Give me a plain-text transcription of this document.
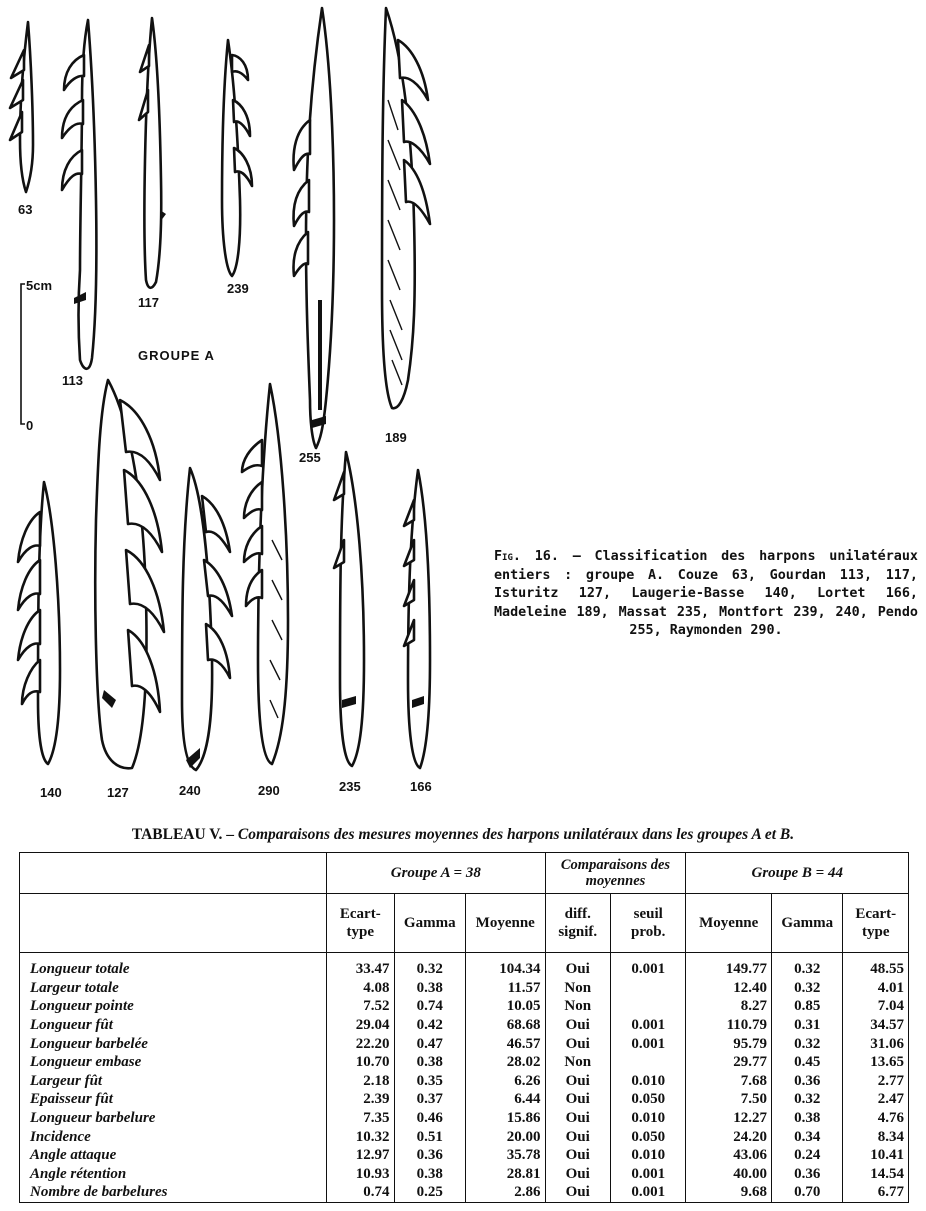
5cm
0
GROUPE A
63
113
117
239
255
189
140	127	240	290	235	166
Fig. 16. — Classification des harpons unilatéraux entiers : groupe A. Couze 63, Gourdan 113, 117, Isturitz 127, Laugerie-Basse 140, Lortet 166, Madeleine 189, Massat 235, Montfort 239, 240, Pendo 255, Raymonden 290.
TABLEAU V. – Comparaisons des mesures moyennes des harpons unilatéraux dans les groupes A et B.
	Groupe A = 38			Comparaisons des moyennes		Groupe B = 44		
	Ecart-type	Gamma	Moyenne	diff. signif.	seuil prob.	Moyenne	Gamma	Ecart-type
Longueur totale	33.47	0.32	104.34	Oui	0.001	149.77	0.32	48.55
Largeur totale	4.08	0.38	11.57	Non		12.40	0.32	4.01
Longueur pointe	7.52	0.74	10.05	Non		8.27	0.85	7.04
Longueur fût	29.04	0.42	68.68	Oui	0.001	110.79	0.31	34.57
Longueur barbelée	22.20	0.47	46.57	Oui	0.001	95.79	0.32	31.06
Longueur embase	10.70	0.38	28.02	Non		29.77	0.45	13.65
Largeur fût	2.18	0.35	6.26	Oui	0.010	7.68	0.36	2.77
Epaisseur fût	2.39	0.37	6.44	Oui	0.050	7.50	0.32	2.47
Longueur barbelure	7.35	0.46	15.86	Oui	0.010	12.27	0.38	4.76
Incidence	10.32	0.51	20.00	Oui	0.050	24.20	0.34	8.34
Angle attaque	12.97	0.36	35.78	Oui	0.010	43.06	0.24	10.41
Angle rétention	10.93	0.38	28.81	Oui	0.001	40.00	0.36	14.54
Nombre de barbelures	0.74	0.25	2.86	Oui	0.001	9.68	0.70	6.77
